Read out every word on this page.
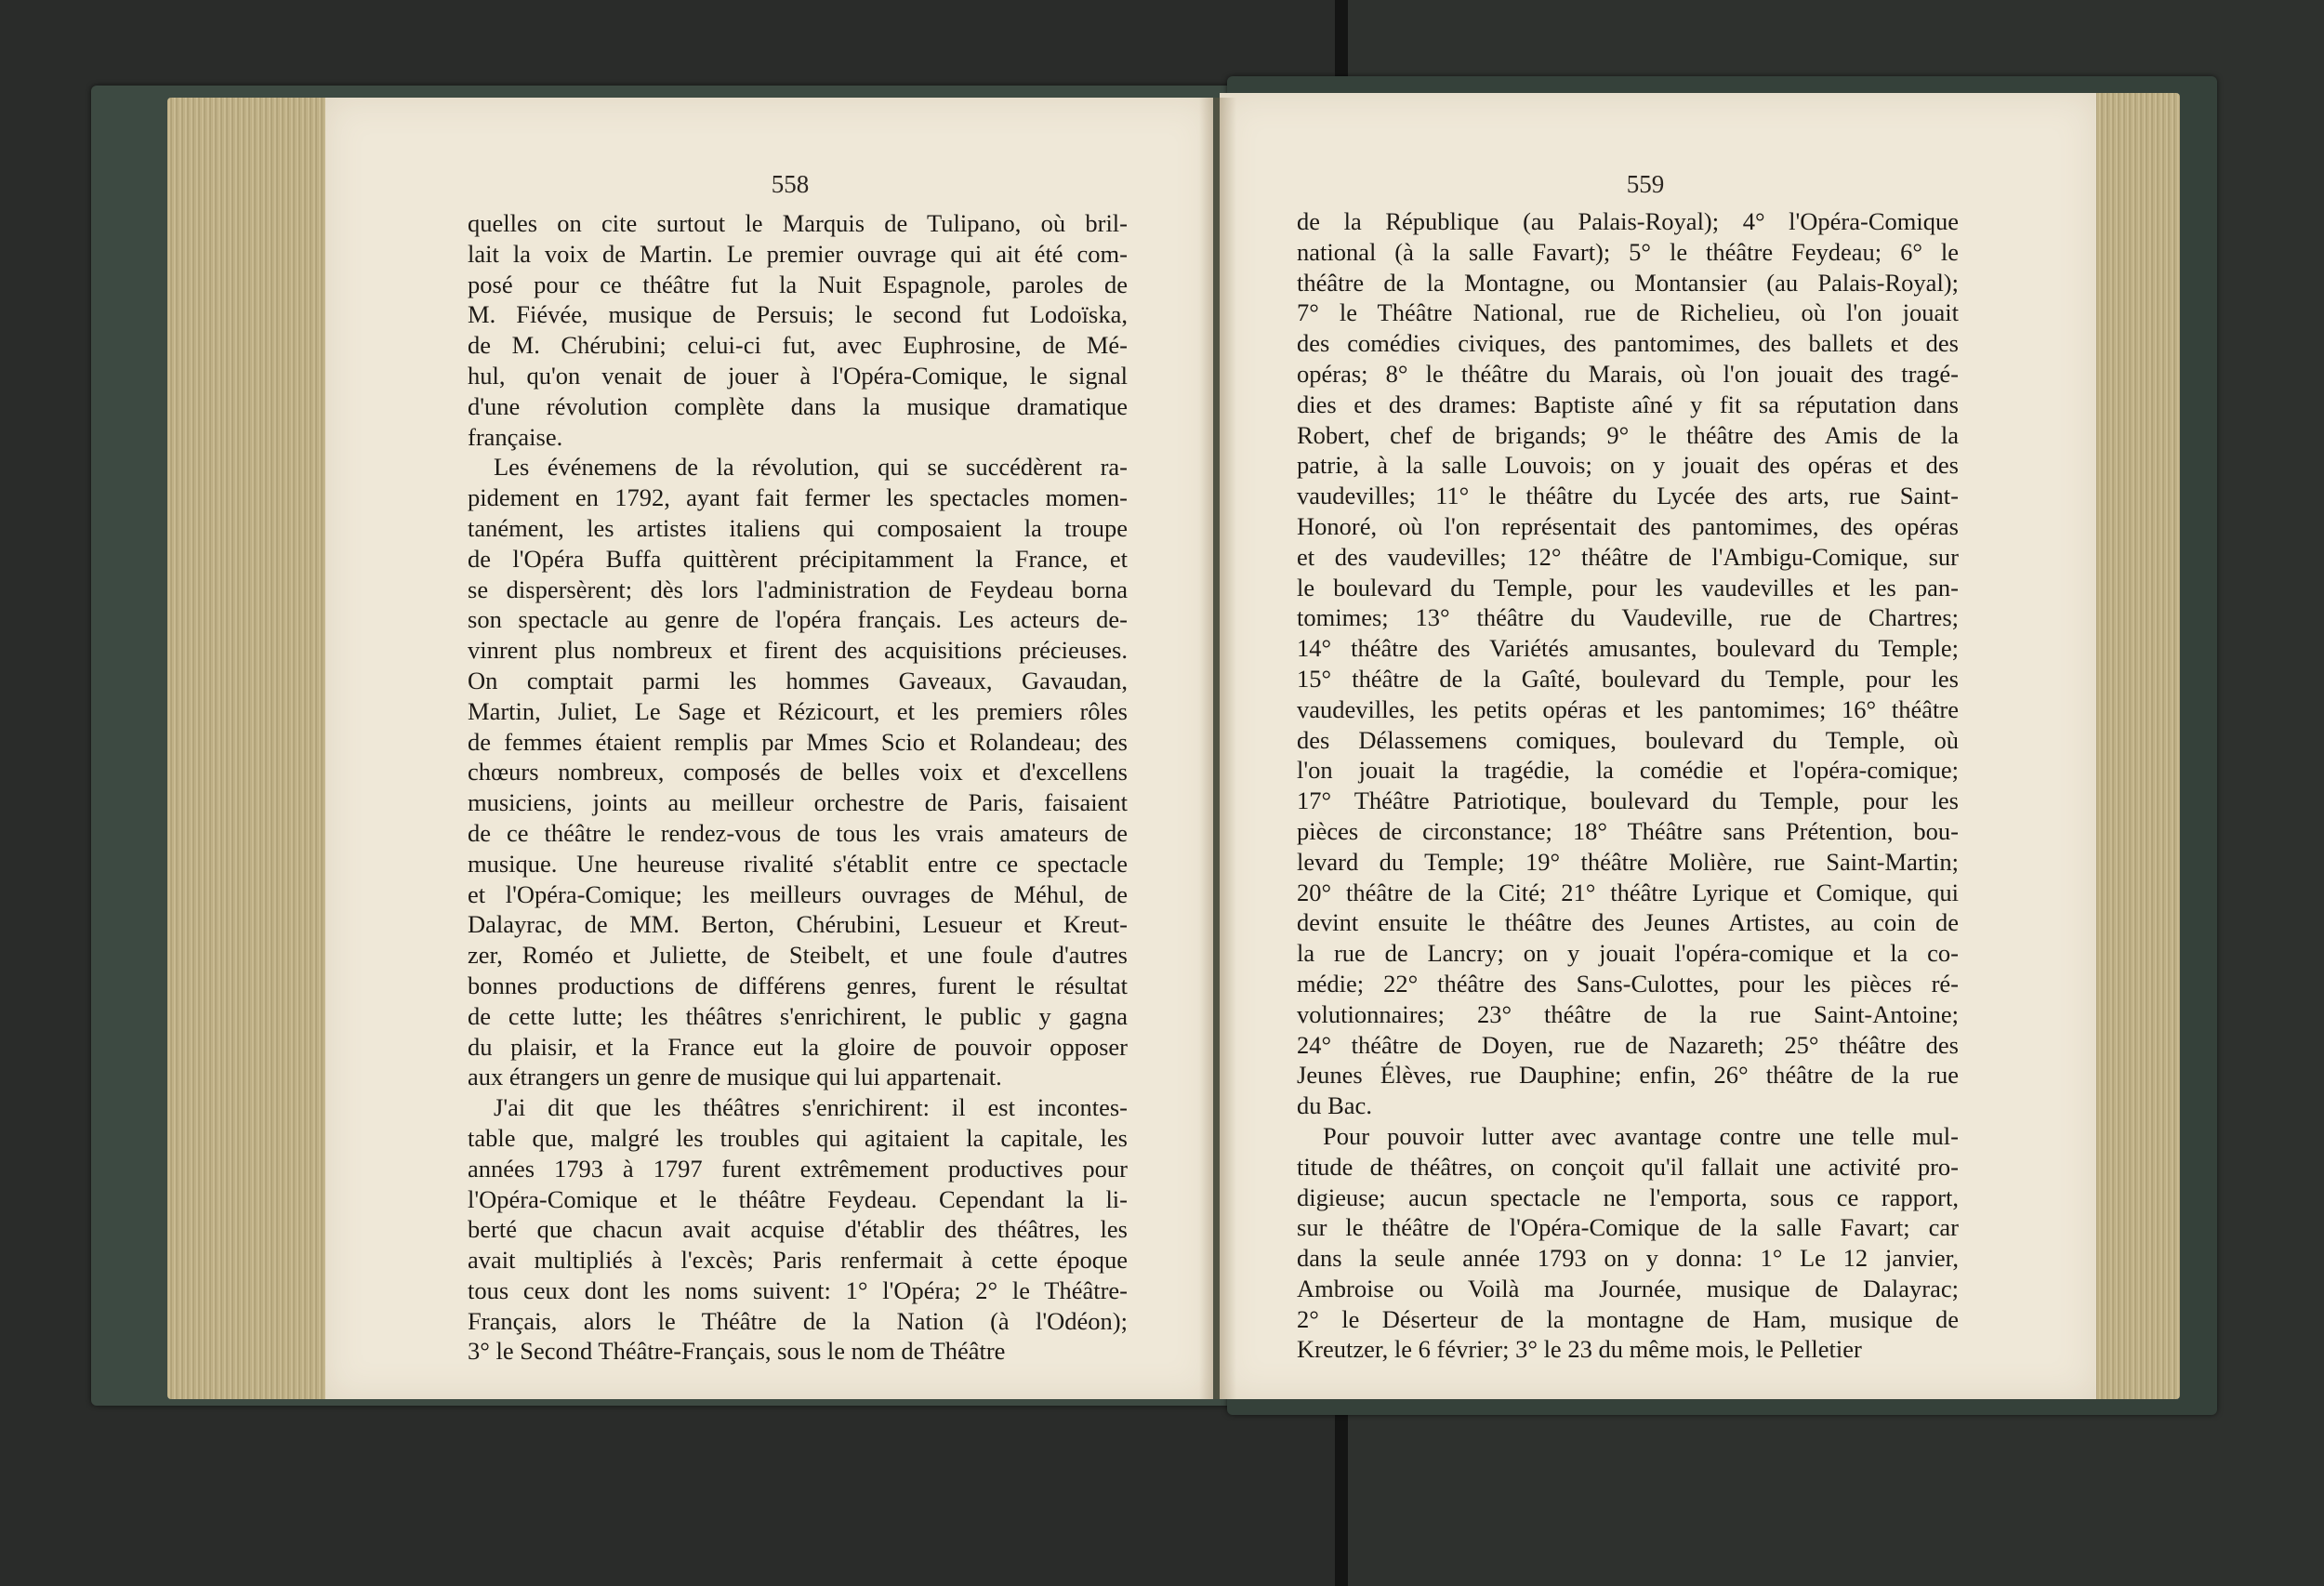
558	559
quelles on cite surtout le Marquis de Tulipano, où bril-
lait la voix de Martin. Le premier ouvrage qui ait été com-
posé pour ce théâtre fut la Nuit Espagnole, paroles de
M. Fiévée, musique de Persuis; le second fut Lodoïska,
de M. Chérubini; celui-ci fut, avec Euphrosine, de Mé-
hul, qu'on venait de jouer à l'Opéra-Comique, le signal
d'une révolution complète dans la musique dramatique
française.
Les événemens de la révolution, qui se succédèrent ra-
pidement en 1792, ayant fait fermer les spectacles momen-
tanément, les artistes italiens qui composaient la troupe
de l'Opéra Buffa quittèrent précipitamment la France, et
se dispersèrent; dès lors l'administration de Feydeau borna
son spectacle au genre de l'opéra français. Les acteurs de-
vinrent plus nombreux et firent des acquisitions précieuses.
On comptait parmi les hommes Gaveaux, Gavaudan,
Martin, Juliet, Le Sage et Rézicourt, et les premiers rôles
de femmes étaient remplis par Mmes Scio et Rolandeau; des
chœurs nombreux, composés de belles voix et d'excellens
musiciens, joints au meilleur orchestre de Paris, faisaient
de ce théâtre le rendez-vous de tous les vrais amateurs de
musique. Une heureuse rivalité s'établit entre ce spectacle
et l'Opéra-Comique; les meilleurs ouvrages de Méhul, de
Dalayrac, de MM. Berton, Chérubini, Lesueur et Kreut-
zer, Roméo et Juliette, de Steibelt, et une foule d'autres
bonnes productions de différens genres, furent le résultat
de cette lutte; les théâtres s'enrichirent, le public y gagna
du plaisir, et la France eut la gloire de pouvoir opposer
aux étrangers un genre de musique qui lui appartenait.
J'ai dit que les théâtres s'enrichirent: il est incontes-
table que, malgré les troubles qui agitaient la capitale, les
années 1793 à 1797 furent extrêmement productives pour
l'Opéra-Comique et le théâtre Feydeau. Cependant la li-
berté que chacun avait acquise d'établir des théâtres, les
avait multipliés à l'excès; Paris renfermait à cette époque
tous ceux dont les noms suivent: 1° l'Opéra; 2° le Théâtre-
Français, alors le Théâtre de la Nation (à l'Odéon);
3° le Second Théâtre-Français, sous le nom de Théâtre
de la République (au Palais-Royal); 4° l'Opéra-Comique
national (à la salle Favart); 5° le théâtre Feydeau; 6° le
théâtre de la Montagne, ou Montansier (au Palais-Royal);
7° le Théâtre National, rue de Richelieu, où l'on jouait
des comédies civiques, des pantomimes, des ballets et des
opéras; 8° le théâtre du Marais, où l'on jouait des tragé-
dies et des drames: Baptiste aîné y fit sa réputation dans
Robert, chef de brigands; 9° le théâtre des Amis de la
patrie, à la salle Louvois; on y jouait des opéras et des
vaudevilles; 11° le théâtre du Lycée des arts, rue Saint-
Honoré, où l'on représentait des pantomimes, des opéras
et des vaudevilles; 12° théâtre de l'Ambigu-Comique, sur
le boulevard du Temple, pour les vaudevilles et les pan-
tomimes; 13° théâtre du Vaudeville, rue de Chartres;
14° théâtre des Variétés amusantes, boulevard du Temple;
15° théâtre de la Gaîté, boulevard du Temple, pour les
vaudevilles, les petits opéras et les pantomimes; 16° théâtre
des Délassemens comiques, boulevard du Temple, où
l'on jouait la tragédie, la comédie et l'opéra-comique;
17° Théâtre Patriotique, boulevard du Temple, pour les
pièces de circonstance; 18° Théâtre sans Prétention, bou-
levard du Temple; 19° théâtre Molière, rue Saint-Martin;
20° théâtre de la Cité; 21° théâtre Lyrique et Comique, qui
devint ensuite le théâtre des Jeunes Artistes, au coin de
la rue de Lancry; on y jouait l'opéra-comique et la co-
médie; 22° théâtre des Sans-Culottes, pour les pièces ré-
volutionnaires; 23° théâtre de la rue Saint-Antoine;
24° théâtre de Doyen, rue de Nazareth; 25° théâtre des
Jeunes Élèves, rue Dauphine; enfin, 26° théâtre de la rue
du Bac.
Pour pouvoir lutter avec avantage contre une telle mul-
titude de théâtres, on conçoit qu'il fallait une activité pro-
digieuse; aucun spectacle ne l'emporta, sous ce rapport,
sur le théâtre de l'Opéra-Comique de la salle Favart; car
dans la seule année 1793 on y donna: 1° Le 12 janvier,
Ambroise ou Voilà ma Journée, musique de Dalayrac;
2° le Déserteur de la montagne de Ham, musique de
Kreutzer, le 6 février; 3° le 23 du même mois, le Pelletier
